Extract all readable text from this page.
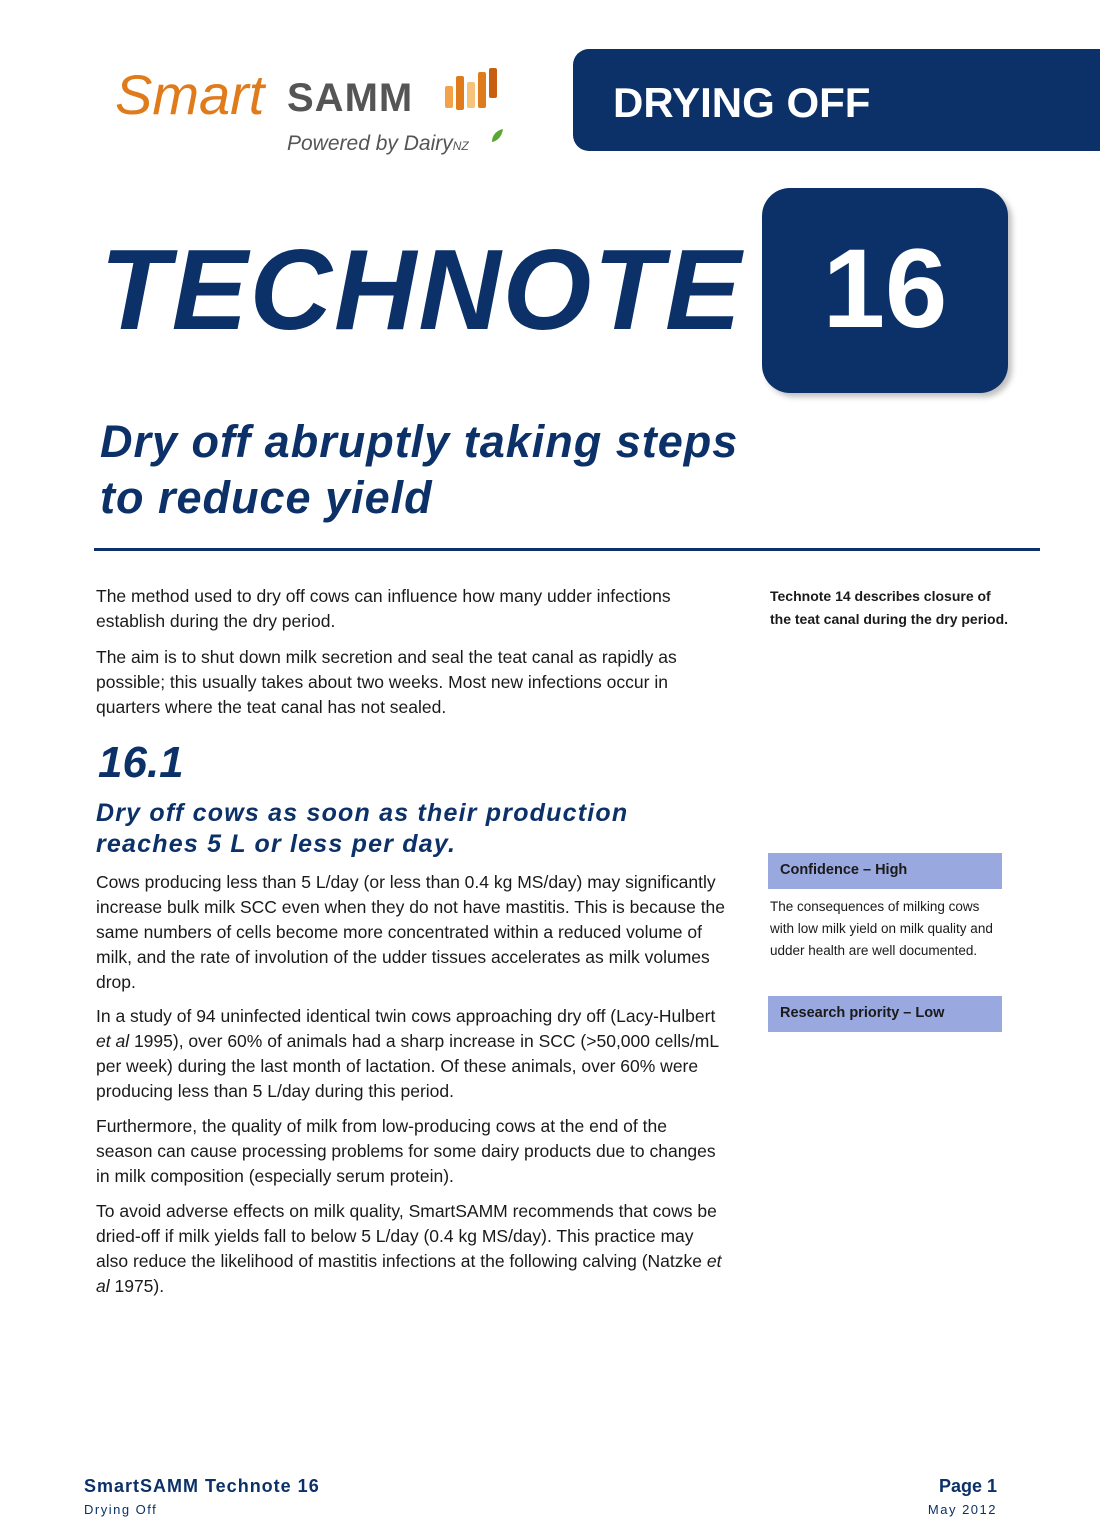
Smart SAMM
Powered by DairyNZ
DRYING OFF
TECHNOTE 16
Dry off abruptly taking steps
to reduce yield
The method used to dry off cows can influence how many udder infections establish during the dry period.
The aim is to shut down milk secretion and seal the teat canal as rapidly as possible; this usually takes about two weeks. Most new infections occur in quarters where the teat canal has not sealed.
16.1
Dry off cows as soon as their production
reaches 5 L or less per day.
Cows producing less than 5 L/day (or less than 0.4 kg MS/day) may significantly increase bulk milk SCC even when they do not have mastitis. This is because the same numbers of cells become more concentrated within a reduced volume of milk, and the rate of involution of the udder tissues accelerates as milk volumes drop.
In a study of 94 uninfected identical twin cows approaching dry off (Lacy-Hulbert et al 1995), over 60% of animals had a sharp increase in SCC (>50,000 cells/mL per week) during the last month of lactation. Of these animals, over 60% were producing less than 5 L/day during this period.
Furthermore, the quality of milk from low-producing cows at the end of the season can cause processing problems for some dairy products due to changes in milk composition (especially serum protein).
To avoid adverse effects on milk quality, SmartSAMM recommends that cows be dried-off if milk yields fall to below 5 L/day (0.4 kg MS/day). This practice may also reduce the likelihood of mastitis infections at the following calving (Natzke et al 1975).
Technote 14 describes closure of the teat canal during the dry period.
Confidence – High
The consequences of milking cows with low milk yield on milk quality and udder health are well documented.
Research priority – Low
SmartSAMM Technote 16
Drying Off
Page 1
May 2012
